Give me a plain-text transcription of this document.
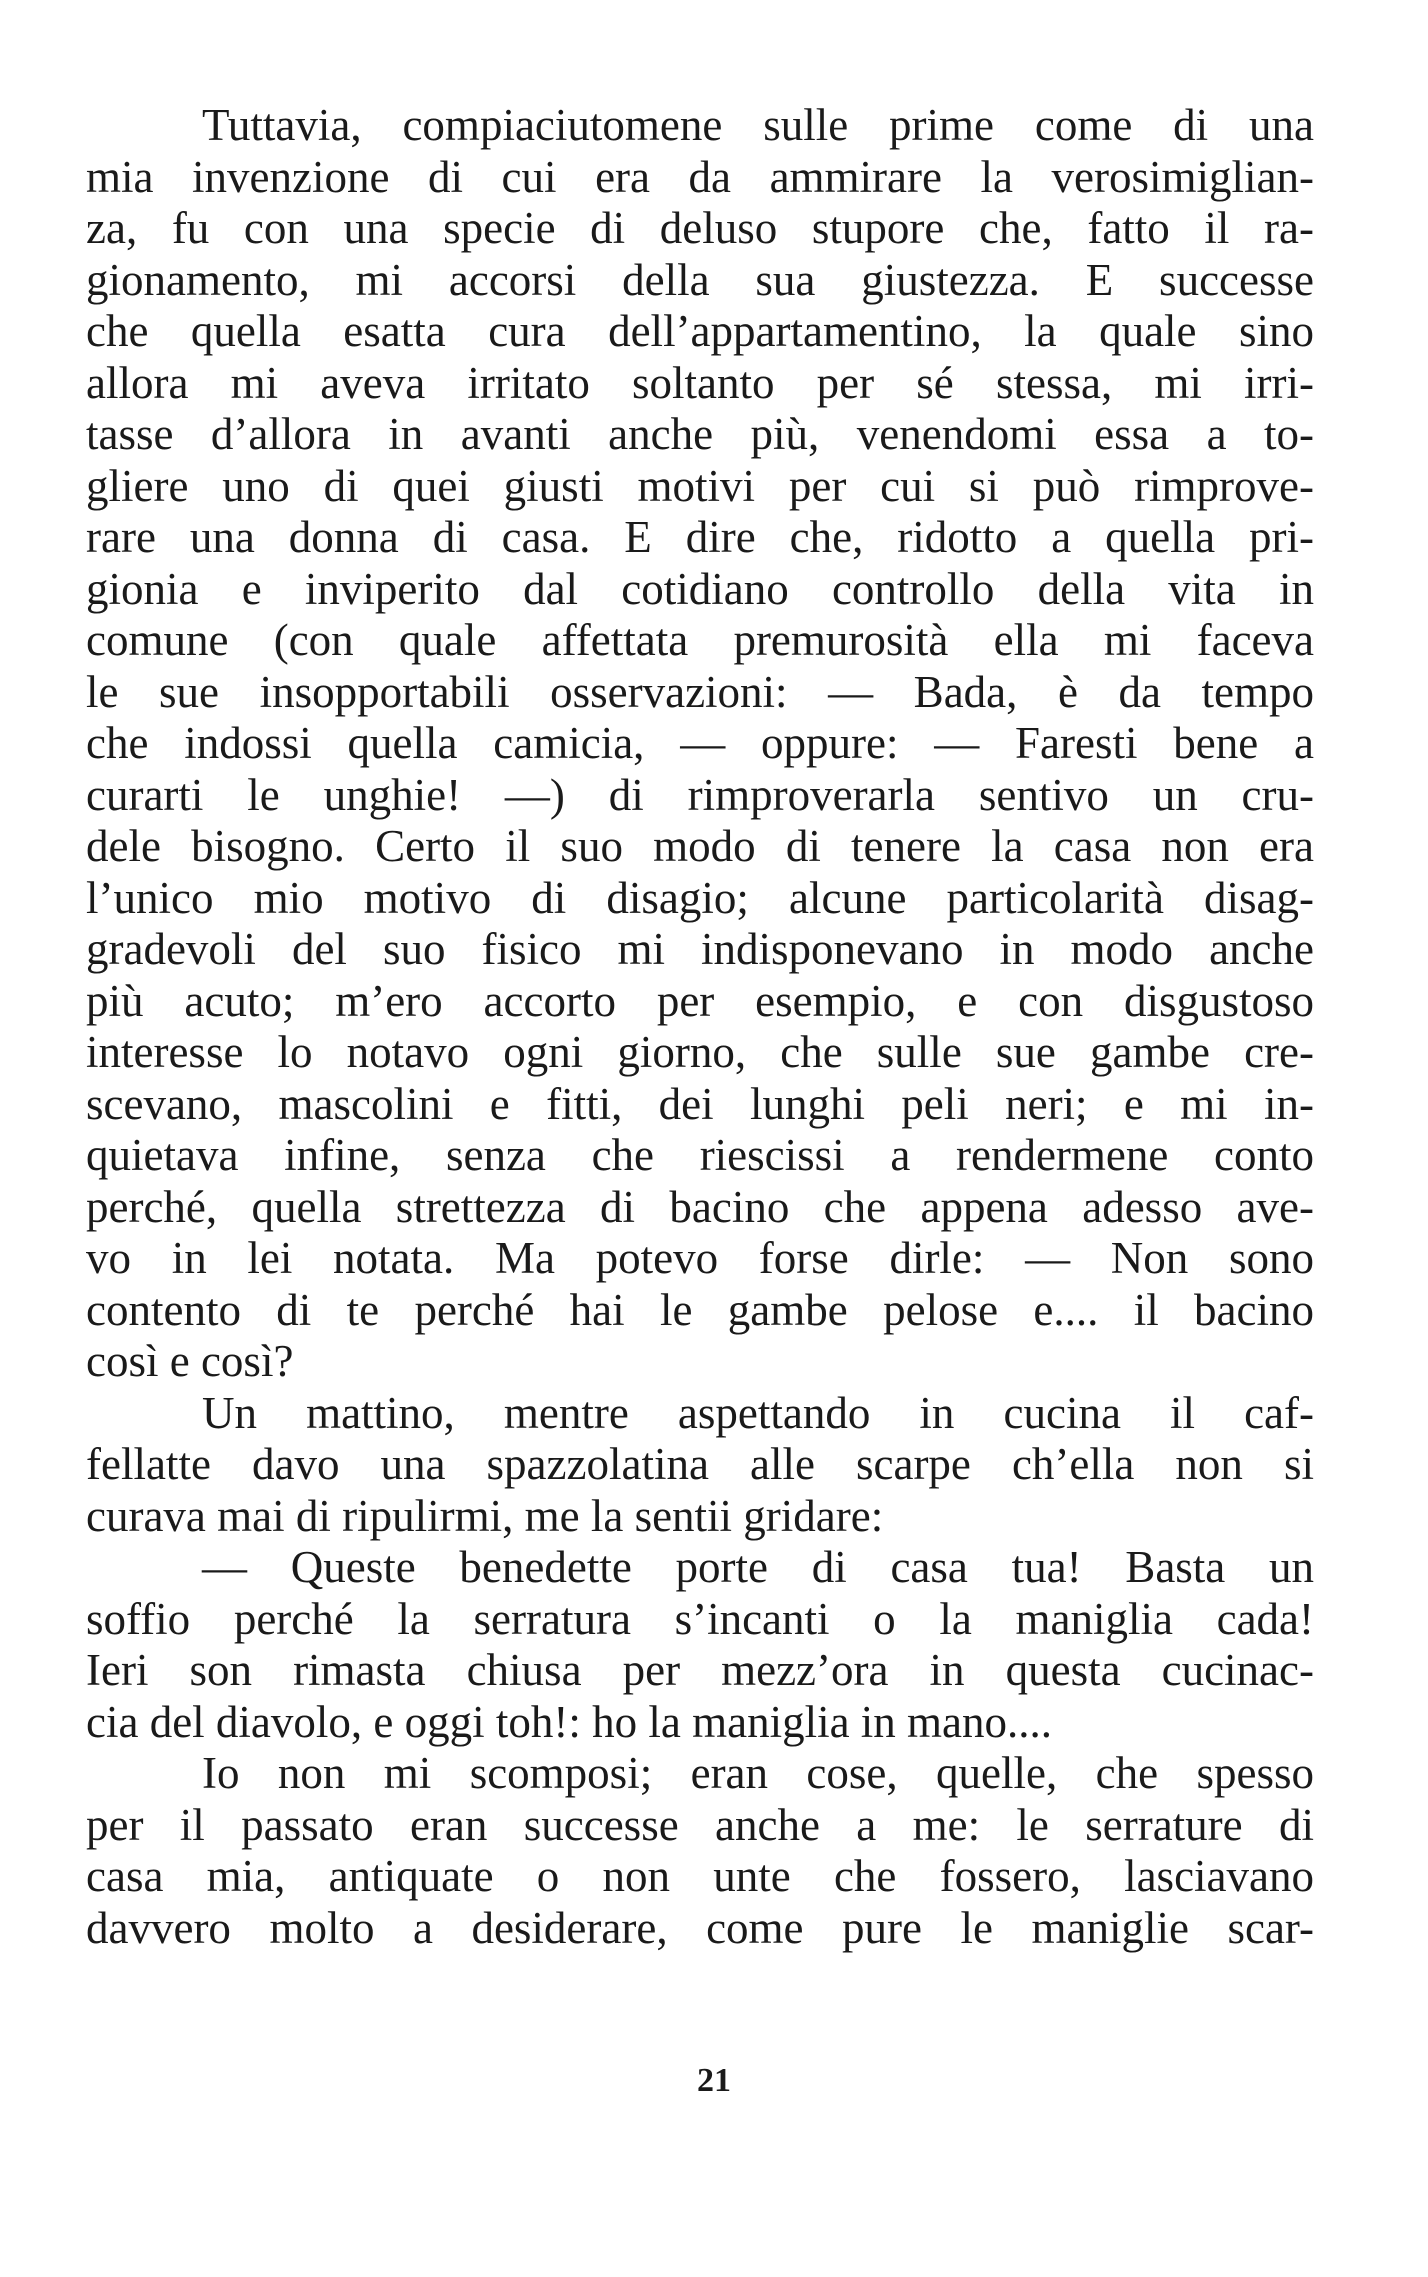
Tuttavia, compiaciutomene sulle prime come di una
mia invenzione di cui era da ammirare la verosimiglian-
za, fu con una specie di deluso stupore che, fatto il ra-
gionamento, mi accorsi della sua giustezza. E successe
che quella esatta cura dell’appartamentino, la quale sino
allora mi aveva irritato soltanto per sé stessa, mi irri-
tasse d’allora in avanti anche più, venendomi essa a to-
gliere uno di quei giusti motivi per cui si può rimprove-
rare una donna di casa. E dire che, ridotto a quella pri-
gionia e inviperito dal cotidiano controllo della vita in
comune (con quale affettata premurosità ella mi faceva
le sue insopportabili osservazioni: — Bada, è da tempo
che indossi quella camicia, — oppure: — Faresti bene a
curarti le unghie! —) di rimproverarla sentivo un cru-
dele bisogno. Certo il suo modo di tenere la casa non era
l’unico mio motivo di disagio; alcune particolarità disag-
gradevoli del suo fisico mi indisponevano in modo anche
più acuto; m’ero accorto per esempio, e con disgustoso
interesse lo notavo ogni giorno, che sulle sue gambe cre-
scevano, mascolini e fitti, dei lunghi peli neri; e mi in-
quietava infine, senza che riescissi a rendermene conto
perché, quella strettezza di bacino che appena adesso ave-
vo in lei notata. Ma potevo forse dirle: — Non sono
contento di te perché hai le gambe pelose e.... il bacino
così e così?
Un mattino, mentre aspettando in cucina il caf-
fellatte davo una spazzolatina alle scarpe ch’ella non si
curava mai di ripulirmi, me la sentii gridare:
— Queste benedette porte di casa tua! Basta un
soffio perché la serratura s’incanti o la maniglia cada!
Ieri son rimasta chiusa per mezz’ora in questa cucinac-
cia del diavolo, e oggi toh!: ho la maniglia in mano....
Io non mi scomposi; eran cose, quelle, che spesso
per il passato eran successe anche a me: le serrature di
casa mia, antiquate o non unte che fossero, lasciavano
davvero molto a desiderare, come pure le maniglie scar-
21
